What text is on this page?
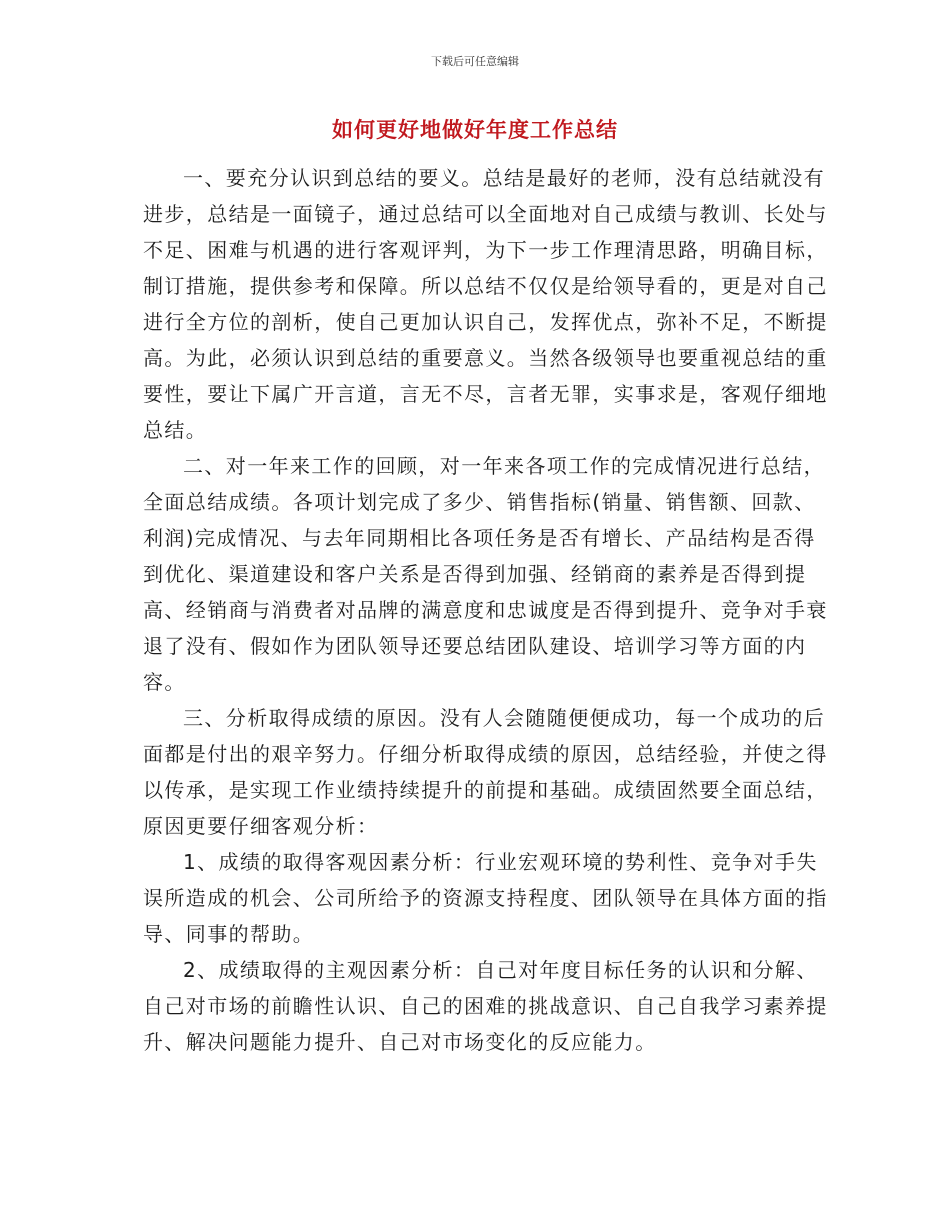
下载后可任意编辑
如何更好地做好年度工作总结

一、要充分认识到总结的要义。总结是最好的老师，没有总结就没有进步，总结是一面镜子，通过总结可以全面地对自己成绩与教训、长处与不足、困难与机遇的进行客观评判，为下一步工作理清思路，明确目标，制订措施，提供参考和保障。所以总结不仅仅是给领导看的，更是对自己进行全方位的剖析，使自己更加认识自己，发挥优点，弥补不足，不断提高。为此，必须认识到总结的重要意义。当然各级领导也要重视总结的重要性，要让下属广开言道，言无不尽，言者无罪，实事求是，客观仔细地总结。

二、对一年来工作的回顾，对一年来各项工作的完成情况进行总结，全面总结成绩。各项计划完成了多少、销售指标(销量、销售额、回款、利润)完成情况、与去年同期相比各项任务是否有增长、产品结构是否得到优化、渠道建设和客户关系是否得到加强、经销商的素养是否得到提高、经销商与消费者对品牌的满意度和忠诚度是否得到提升、竞争对手衰退了没有、假如作为团队领导还要总结团队建设、培训学习等方面的内容。

三、分析取得成绩的原因。没有人会随随便便成功，每一个成功的后面都是付出的艰辛努力。仔细分析取得成绩的原因，总结经验，并使之得以传承，是实现工作业绩持续提升的前提和基础。成绩固然要全面总结，原因更要仔细客观分析：

1、成绩的取得客观因素分析：行业宏观环境的势利性、竞争对手失误所造成的机会、公司所给予的资源支持程度、团队领导在具体方面的指导、同事的帮助。

2、成绩取得的主观因素分析：自己对年度目标任务的认识和分解、自己对市场的前瞻性认识、自己的困难的挑战意识、自己自我学习素养提升、解决问题能力提升、自己对市场变化的反应能力。
